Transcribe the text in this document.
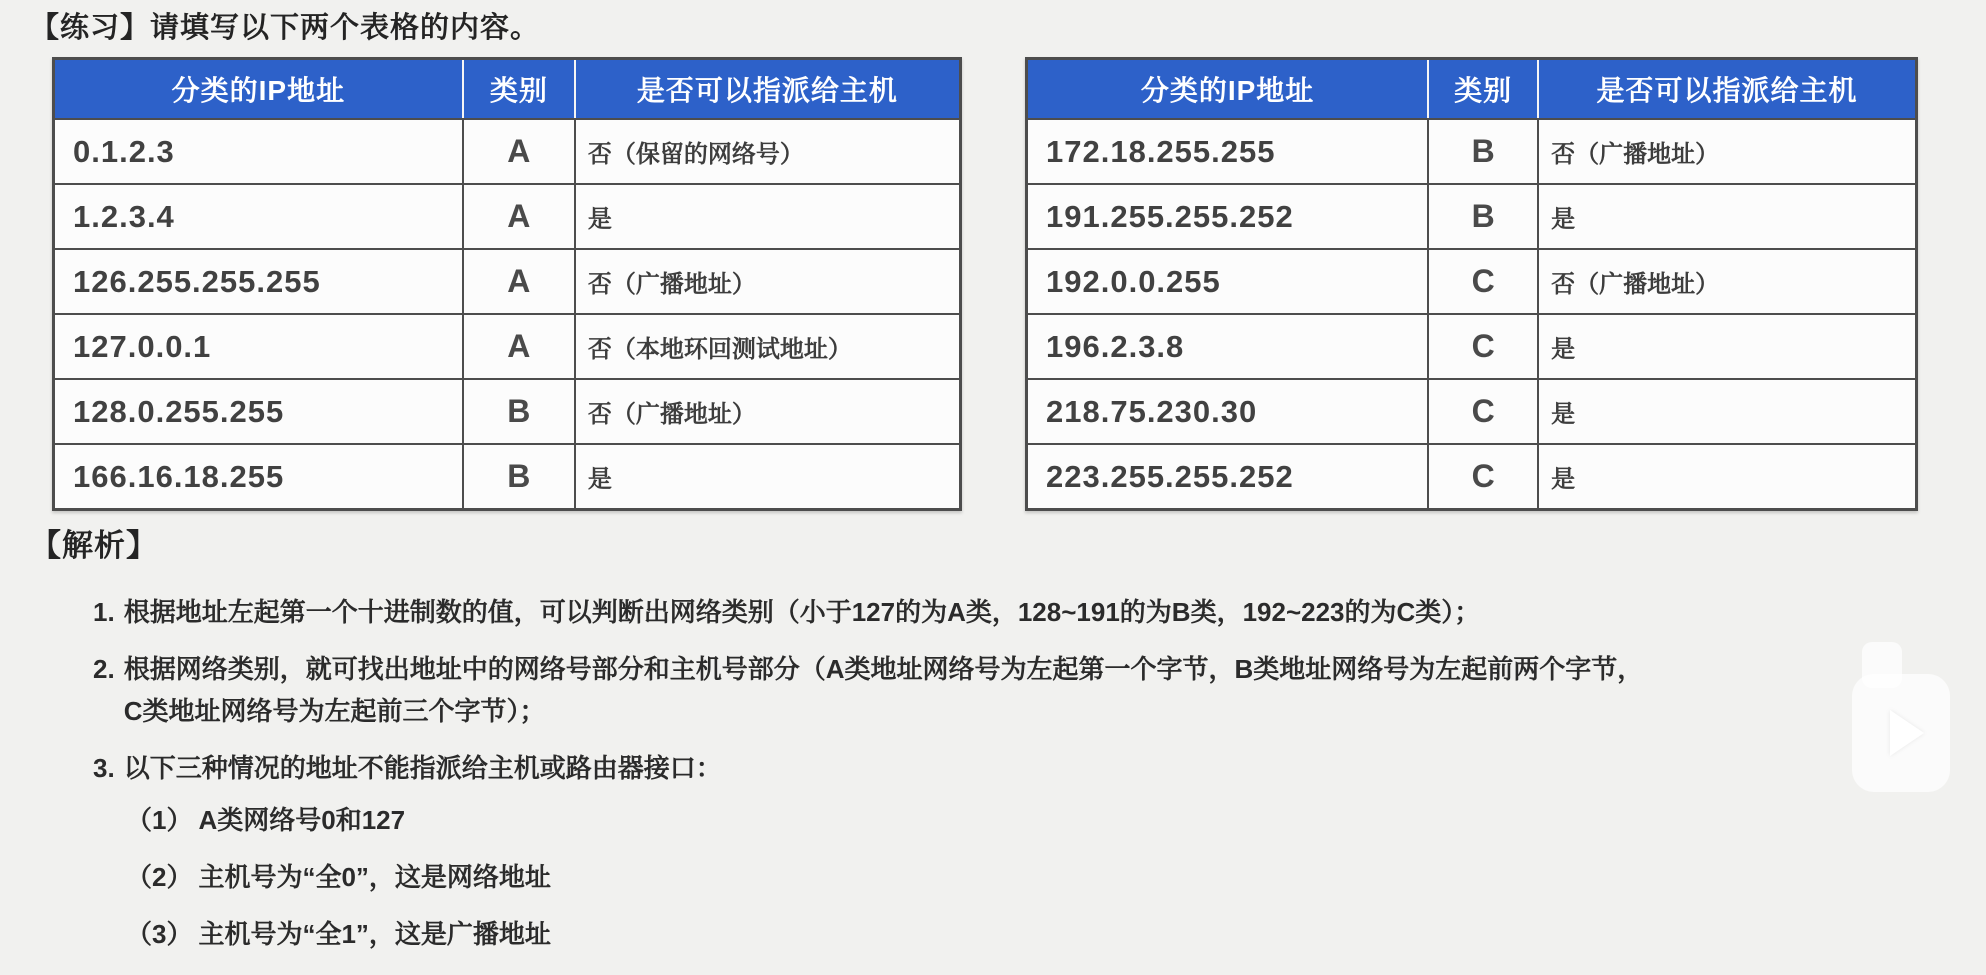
【练习】请填写以下两个表格的内容。
分类的IP地址	类别	是否可以指派给主机
0.1.2.3	A	否（保留的网络号）
1.2.3.4	A	是
126.255.255.255	A	否（广播地址）
127.0.0.1	A	否（本地环回测试地址）
128.0.255.255	B	否（广播地址）
166.16.18.255	B	是
分类的IP地址	类别	是否可以指派给主机
172.18.255.255	B	否（广播地址）
191.255.255.252	B	是
192.0.0.255	C	否（广播地址）
196.2.3.8	C	是
218.75.230.30	C	是
223.255.255.252	C	是
【解析】
1. 根据地址左起第一个十进制数的值，可以判断出网络类别（小于127的为A类，128~191的为B类，192~223的为C类）；
2. 根据网络类别，就可找出地址中的网络号部分和主机号部分（A类地址网络号为左起第一个字节，B类地址网络号为左起前两个字节，
C类地址网络号为左起前三个字节）；
3. 以下三种情况的地址不能指派给主机或路由器接口：
（1） A类网络号0和127
（2） 主机号为“全0”，这是网络地址
（3） 主机号为“全1”，这是广播地址
